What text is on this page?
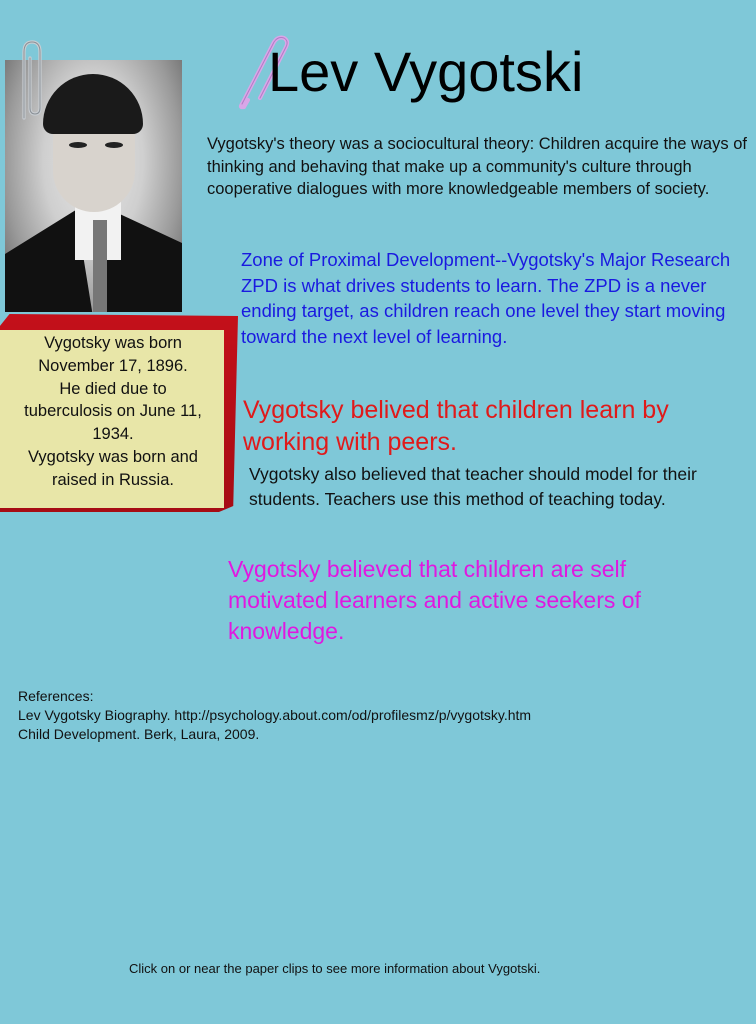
Lev Vygotski
Vygotsky's theory was a sociocultural theory: Children acquire the ways of thinking and behaving that make up a community's culture through cooperative dialogues with more knowledgeable members of society.
Vygotsky was born
November 17, 1896.
He died due to
tuberculosis on June 11,
1934.
Vygotsky was born and
raised in Russia.
Zone of Proximal Development--Vygotsky's Major Research
ZPD is what drives students to learn. The ZPD is a never ending target, as children reach one level they start moving toward the next level of learning.
Vygotsky belived that children learn by working with peers.
Vygotsky also believed that teacher should model for their students. Teachers use this method of teaching today.
Vygotsky believed that children are self motivated learners and active seekers of knowledge.
References:
Lev Vygotsky Biography. http://psychology.about.com/od/profilesmz/p/vygotsky.htm
Child Development. Berk, Laura, 2009.
Click on or near the paper clips to see more information about Vygotski.
